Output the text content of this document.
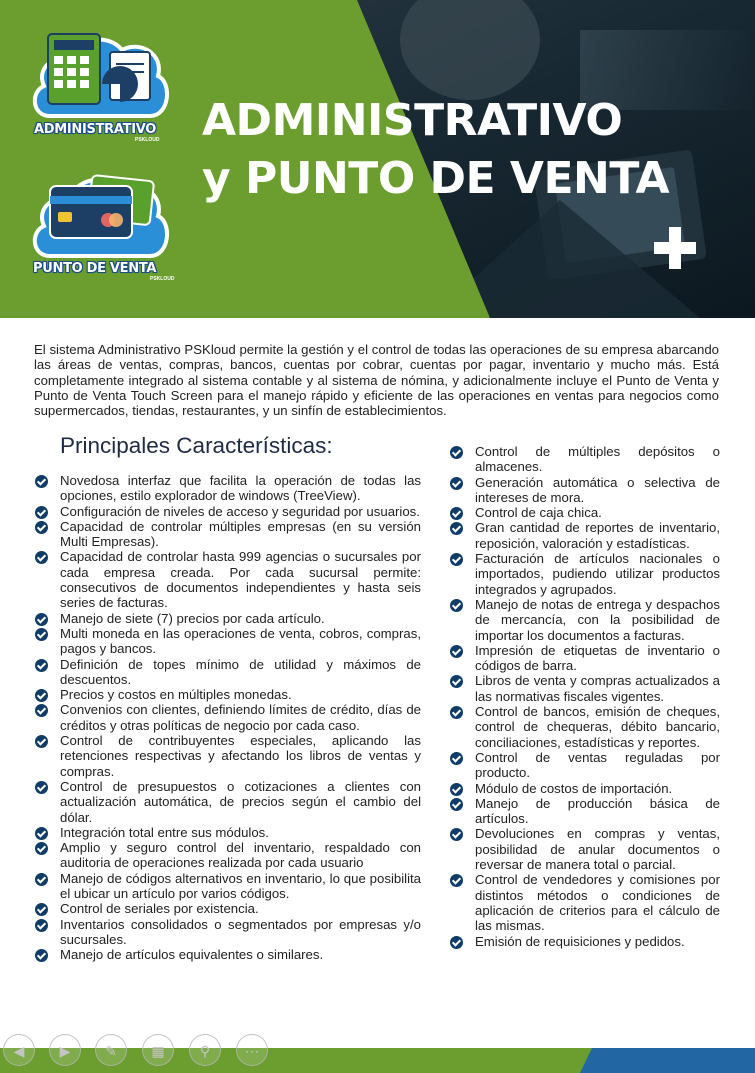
ADMINISTRATIVO
PSKLOUD
PUNTO DE VENTA
PSKLOUD
ADMINISTRATIVO
y PUNTO DE VENTA

El sistema Administrativo PSKloud permite la gestión y el control de todas las operaciones de su empresa abarcando las áreas de ventas, compras, bancos, cuentas por cobrar, cuentas por pagar, inventario y mucho más. Está completamente integrado al sistema contable y al sistema de nómina, y adicionalmente incluye el Punto de Venta y Punto de Venta Touch Screen para el manejo rápido y eficiente de las operaciones en ventas para negocios como supermercados, tiendas, restaurantes, y un sinfín de establecimientos.

Principales Características:
Novedosa interfaz que facilita la operación de todas las opciones, estilo explorador de windows (TreeView).
Configuración de niveles de acceso y seguridad por usuarios.
Capacidad de controlar múltiples empresas (en su versión Multi Empresas).
Capacidad de controlar hasta 999 agencias o sucursales por cada empresa creada. Por cada sucursal permite: consecutivos de documentos independientes y hasta seis series de facturas.
Manejo de siete (7) precios por cada artículo.
Multi moneda en las operaciones de venta, cobros, compras, pagos y bancos.
Definición de topes mínimo de utilidad y máximos de descuentos.
Precios y costos en múltiples monedas.
Convenios con clientes, definiendo límites de crédito, días de créditos y otras políticas de negocio por cada caso.
Control de contribuyentes especiales, aplicando las retenciones respectivas y afectando los libros de ventas y compras.
Control de presupuestos o cotizaciones a clientes con actualización automática, de precios según el cambio del dólar.
Integración total entre sus módulos.
Amplio y seguro control del inventario, respaldado con auditoria de operaciones realizada por cada usuario
Manejo de códigos alternativos en inventario, lo que posibilita el ubicar un artículo por varios códigos.
Control de seriales por existencia.
Inventarios consolidados o segmentados por empresas y/o sucursales.
Manejo de artículos equivalentes o similares.
Control de múltiples depósitos o almacenes.
Generación automática o selectiva de intereses de mora.
Control de caja chica.
Gran cantidad de reportes de inventario, reposición, valoración y estadísticas.
Facturación de artículos nacionales o importados, pudiendo utilizar productos integrados y agrupados.
Manejo de notas de entrega y despachos de mercancía, con la posibilidad de importar los documentos a facturas.
Impresión de etiquetas de inventario o códigos de barra.
Libros de venta y compras actualizados a las normativas fiscales vigentes.
Control de bancos, emisión de cheques, control de chequeras, débito bancario, conciliaciones, estadísticas y reportes.
Control de ventas reguladas por producto.
Módulo de costos de importación.
Manejo de producción básica de artículos.
Devoluciones en compras y ventas, posibilidad de anular documentos o reversar de manera total o parcial.
Control de vendedores y comisiones por distintos métodos o condiciones de aplicación de criterios para el cálculo de las mismas.
Emisión de requisiciones y pedidos.
◀	▶	✎	▦	⚲	⋯
